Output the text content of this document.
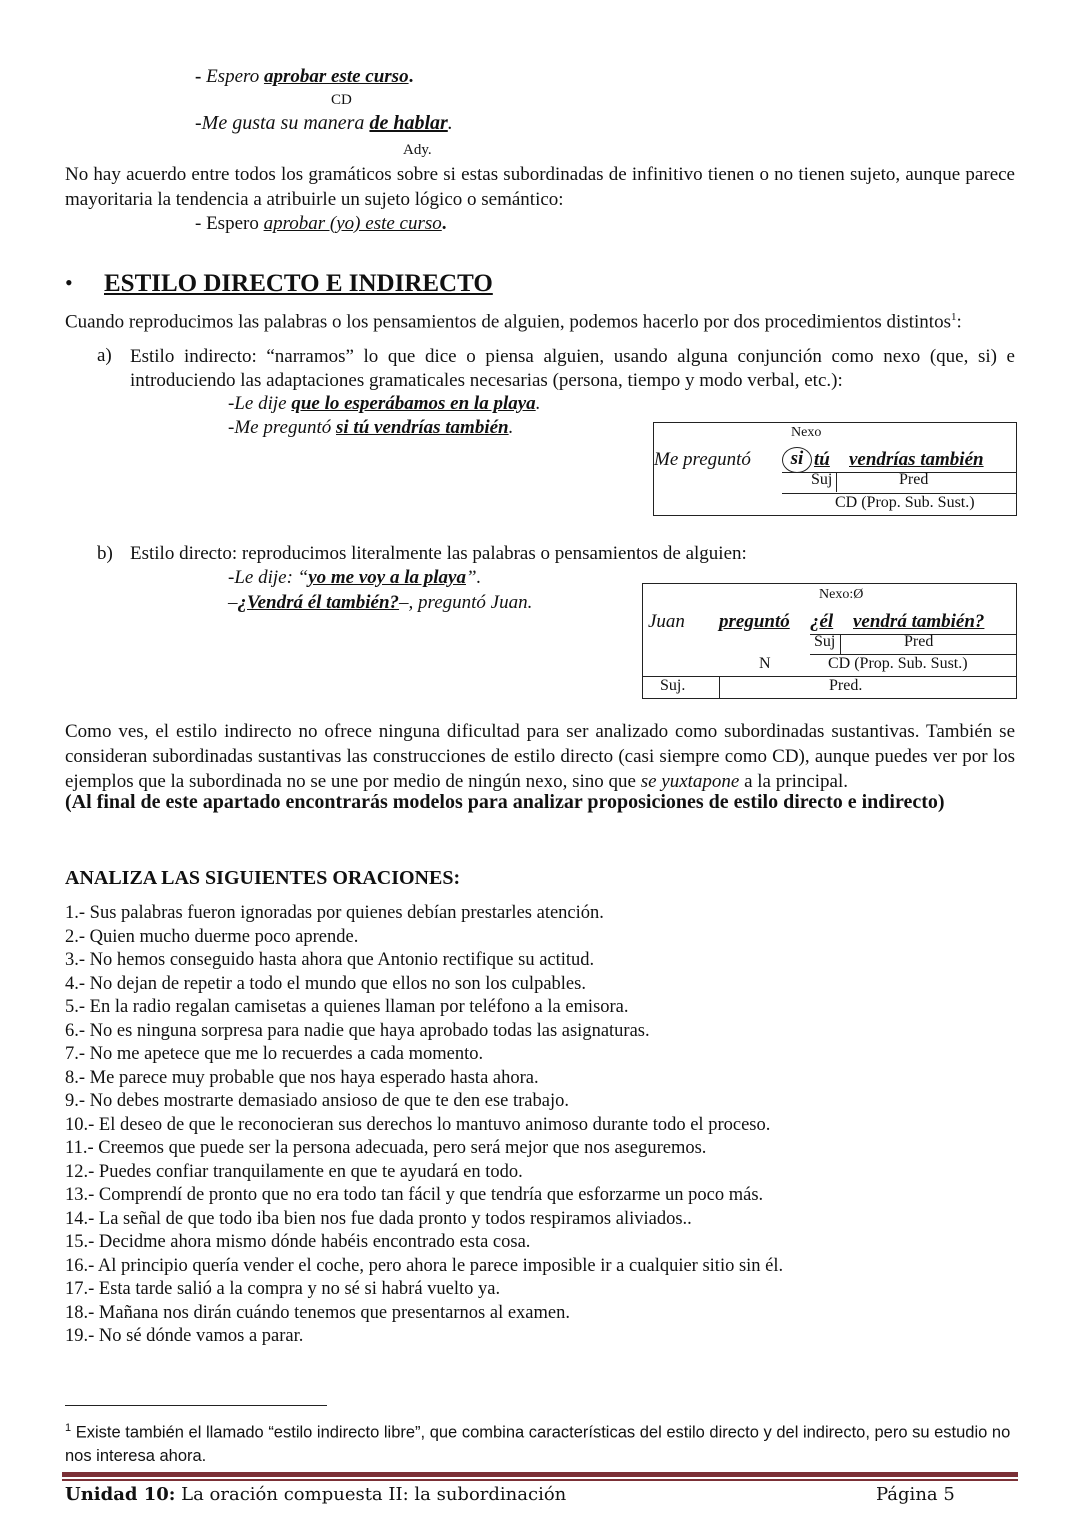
- Espero aprobar este curso.
CD
-Me gusta su manera de hablar.
Ady.
No hay acuerdo entre todos los gramáticos sobre si estas subordinadas de infinitivo tienen o no tienen sujeto, aunque parece mayoritaria la tendencia a atribuirle un sujeto lógico o semántico:
- Espero aprobar (yo) este curso.
• ESTILO DIRECTO E INDIRECTO
Cuando reproducimos las palabras o los pensamientos de alguien, podemos hacerlo por dos procedimientos distintos$^1$:
a) Estilo indirecto: “narramos” lo que dice o piensa alguien, usando alguna conjunción como nexo (que, si) e introduciendo las adaptaciones gramaticales necesarias (persona, tiempo y modo verbal, etc.):
-Le dije que lo esperábamos en la playa.
-Me preguntó si tú vendrías también.	Nexo
Me preguntó	si tú vendrías también
Suj	Pred
CD (Prop. Sub. Sust.)
b) Estilo directo: reproducimos literalmente las palabras o pensamientos de alguien:
-Le dije: “yo me voy a la playa”.
–¿Vendrá él también?–, preguntó Juan.	Nexo:Ø
Juan preguntó ¿él vendrá también?
Suj	Pred
N	CD (Prop. Sub. Sust.)
Suj.	Pred.
Como ves, el estilo indirecto no ofrece ninguna dificultad para ser analizado como subordinadas sustantivas. También se consideran subordinadas sustantivas las construcciones de estilo directo (casi siempre como CD), aunque puedes ver por los ejemplos que la subordinada no se une por medio de ningún nexo, sino que se yuxtapone a la principal.
(Al final de este apartado encontrarás modelos para analizar proposiciones de estilo directo e indirecto)
ANALIZA LAS SIGUIENTES ORACIONES:
1.- Sus palabras fueron ignoradas por quienes debían prestarles atención.
2.- Quien mucho duerme poco aprende.
3.- No hemos conseguido hasta ahora que Antonio rectifique su actitud.
4.- No dejan de repetir a todo el mundo que ellos no son los culpables.
5.- En la radio regalan camisetas a quienes llaman por teléfono a la emisora.
6.- No es ninguna sorpresa para nadie que haya aprobado todas las asignaturas.
7.- No me apetece que me lo recuerdes a cada momento.
8.- Me parece muy probable que nos haya esperado hasta ahora.
9.- No debes mostrarte demasiado ansioso de que te den ese trabajo.
10.- El deseo de que le reconocieran sus derechos lo mantuvo animoso durante todo el proceso.
11.- Creemos que puede ser la persona adecuada, pero será mejor que nos aseguremos.
12.- Puedes confiar tranquilamente en que te ayudará en todo.
13.- Comprendí de pronto que no era todo tan fácil y que tendría que esforzarme un poco más.
14.- La señal de que todo iba bien nos fue dada pronto y todos respiramos aliviados..
15.- Decidme ahora mismo dónde habéis encontrado esta cosa.
16.- Al principio quería vender el coche, pero ahora le parece imposible ir a cualquier sitio sin él.
17.- Esta tarde salió a la compra y no sé si habrá vuelto ya.
18.- Mañana nos dirán cuándo tenemos que presentarnos al examen.
19.- No sé dónde vamos a parar.
$^1$ Existe también el llamado “estilo indirecto libre”, que combina características del estilo directo y del indirecto, pero su estudio no nos interesa ahora.
Unidad 10: La oración compuesta II: la subordinación	Página 5
